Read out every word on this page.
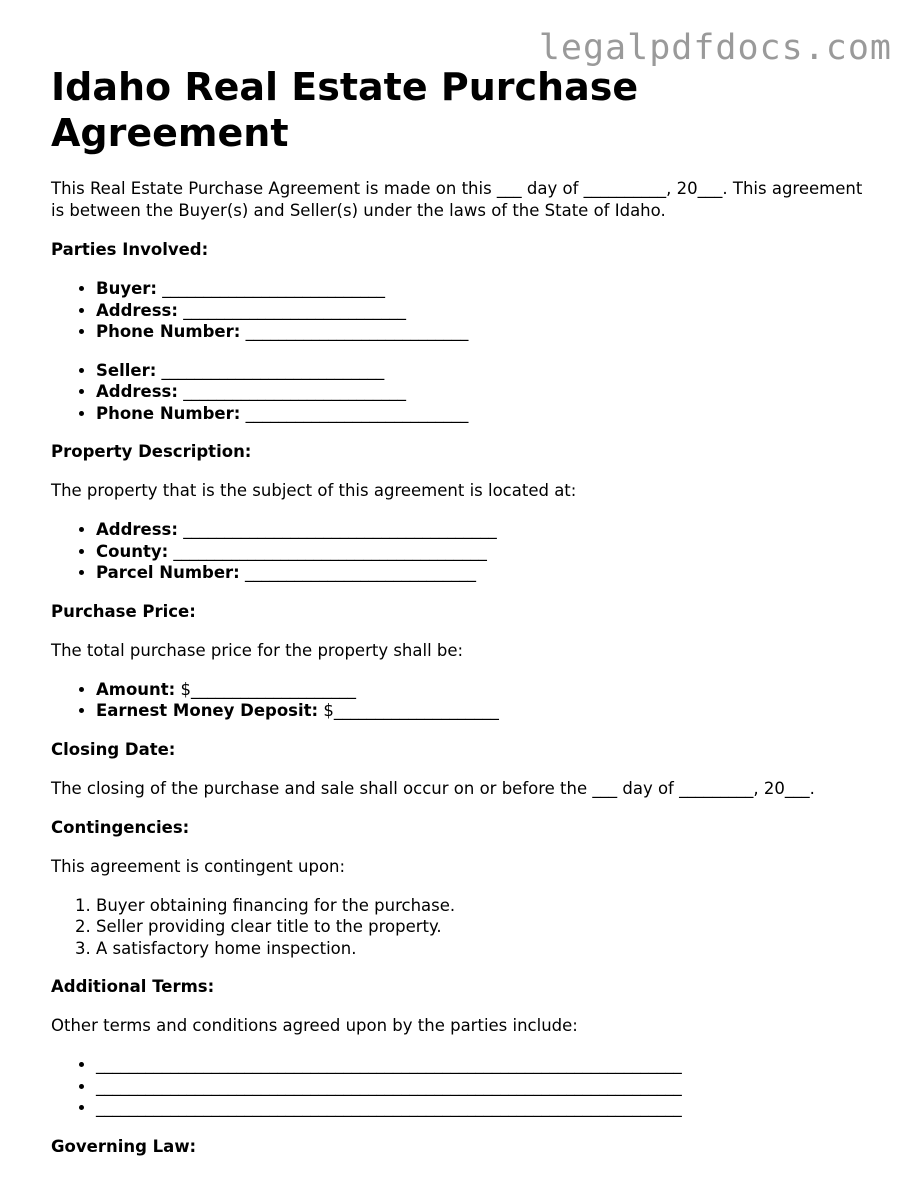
legalpdfdocs.com
Idaho Real Estate Purchase Agreement

This Real Estate Purchase Agreement is made on this ___ day of __________, 20___. This agreement is between the Buyer(s) and Seller(s) under the laws of the State of Idaho.

Parties Involved:

• Buyer: ___________________________
• Address: ___________________________
• Phone Number: ___________________________
• Seller: ___________________________
• Address: ___________________________
• Phone Number: ___________________________

Property Description:

The property that is the subject of this agreement is located at:

• Address: ______________________________________
• County: ______________________________________
• Parcel Number: ____________________________

Purchase Price:

The total purchase price for the property shall be:

• Amount: $____________________
• Earnest Money Deposit: $____________________

Closing Date:

The closing of the purchase and sale shall occur on or before the ___ day of _________, 20___.

Contingencies:

This agreement is contingent upon:

1. Buyer obtaining financing for the purchase.
2. Seller providing clear title to the property.
3. A satisfactory home inspection.

Additional Terms:

Other terms and conditions agreed upon by the parties include:

• _______________________________________________________________________
• _______________________________________________________________________
• _______________________________________________________________________

Governing Law:
